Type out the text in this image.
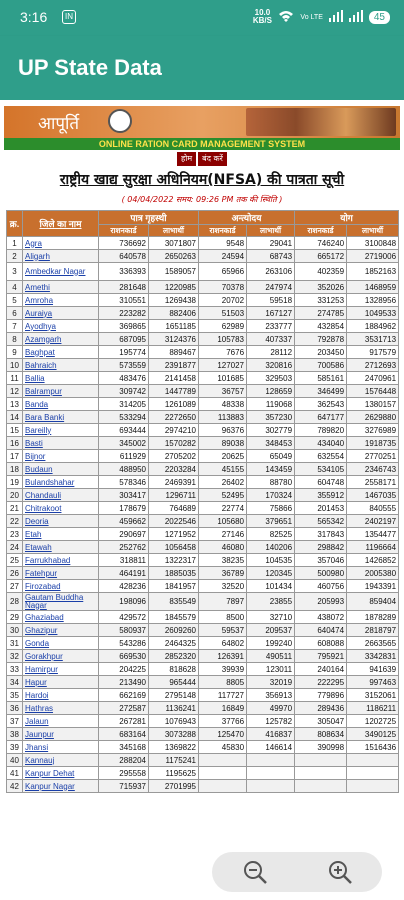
3:16	IN	10.0 KB/S	Vo LTE	45
UP State Data
आपूर्ति
ONLINE RATION CARD MANAGEMENT SYSTEM
होम	बंद करें
राष्ट्रीय खाद्य सुरक्षा अधिनियम(NFSA) की पात्रता सूची
( 04/04/2022 समय: 09:26 PM तक की स्थिति )
क्र.	जिले का नाम	पात्र गृहस्थी		अन्त्योदय		योग	
		राशनकार्ड	लाभार्थी	राशनकार्ड	लाभार्थी	राशनकार्ड	लाभार्थी
1	Agra	736692	3071807	9548	29041	746240	3100848
2	Aligarh	640578	2650263	24594	68743	665172	2719006
3	Ambedkar Nagar	336393	1589057	65966	263106	402359	1852163
4	Amethi	281648	1220985	70378	247974	352026	1468959
5	Amroha	310551	1269438	20702	59518	331253	1328956
6	Auraiya	223282	882406	51503	167127	274785	1049533
7	Ayodhya	369865	1651185	62989	233777	432854	1884962
8	Azamgarh	687095	3124376	105783	407337	792878	3531713
9	Baghpat	195774	889467	7676	28112	203450	917579
10	Bahraich	573559	2391877	127027	320816	700586	2712693
11	Ballia	483476	2141458	101685	329503	585161	2470961
12	Balrampur	309742	1447789	36757	128659	346499	1576448
13	Banda	314205	1261089	48338	119068	362543	1380157
14	Bara Banki	533294	2272650	113883	357230	647177	2629880
15	Bareilly	693444	2974210	96376	302779	789820	3276989
16	Basti	345002	1570282	89038	348453	434040	1918735
17	Bijnor	611929	2705202	20625	65049	632554	2770251
18	Budaun	488950	2203284	45155	143459	534105	2346743
19	Bulandshahar	578346	2469391	26402	88780	604748	2558171
20	Chandauli	303417	1296711	52495	170324	355912	1467035
21	Chitrakoot	178679	764689	22774	75866	201453	840555
22	Deoria	459662	2022546	105680	379651	565342	2402197
23	Etah	290697	1271952	27146	82525	317843	1354477
24	Etawah	252762	1056458	46080	140206	298842	1196664
25	Farrukhabad	318811	1322317	38235	104535	357046	1426852
26	Fatehpur	464191	1885035	36789	120345	500980	2005380
27	Firozabad	428236	1841957	32520	101434	460756	1943391
28	Gautam Buddha Nagar	198096	835549	7897	23855	205993	859404
29	Ghaziabad	429572	1845579	8500	32710	438072	1878289
30	Ghazipur	580937	2609260	59537	209537	640474	2818797
31	Gonda	543286	2464325	64802	199240	608088	2663565
32	Gorakhpur	669530	2852320	126391	490511	795921	3342831
33	Hamirpur	204225	818628	39939	123011	240164	941639
34	Hapur	213490	965444	8805	32019	222295	997463
35	Hardoi	662169	2795148	117727	356913	779896	3152061
36	Hathras	272587	1136241	16849	49970	289436	1186211
37	Jalaun	267281	1076943	37766	125782	305047	1202725
38	Jaunpur	683164	3073288	125470	416837	808634	3490125
39	Jhansi	345168	1369822	45830	146614	390998	1516436
40	Kannauj	288204	1175241				
41	Kanpur Dehat	295558	1195625				
42	Kanpur Nagar	715937	2701995				
